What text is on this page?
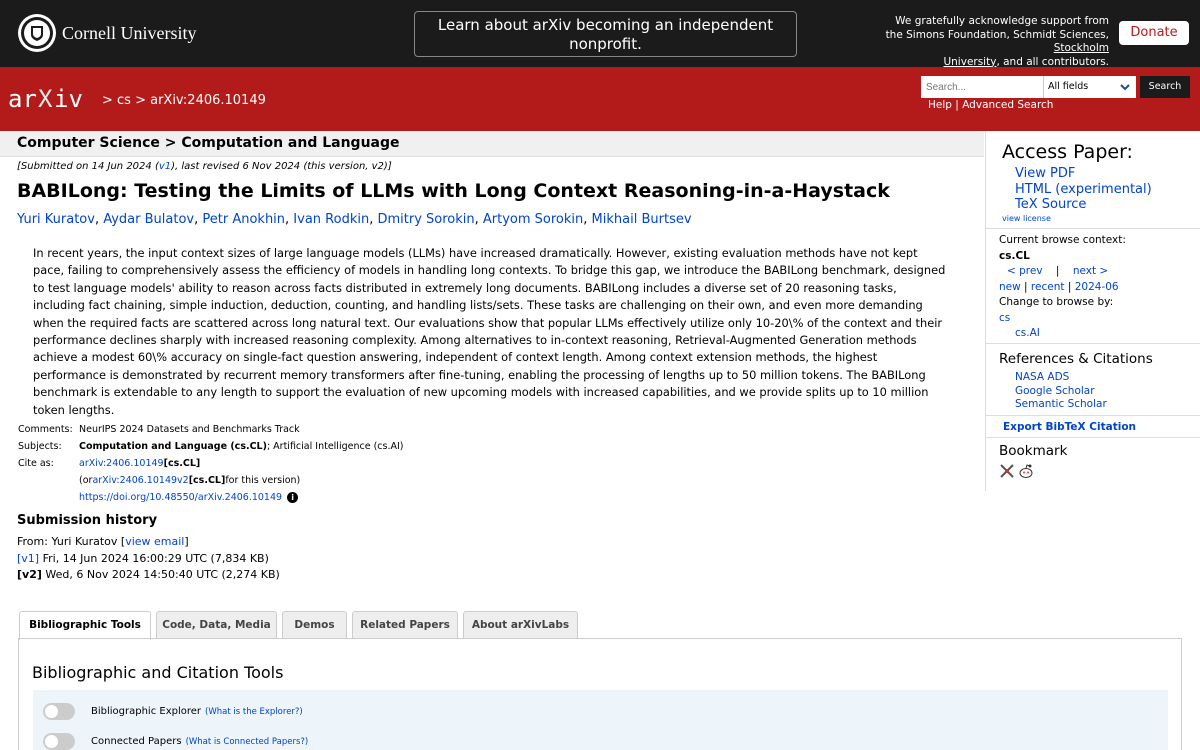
Cornell University	Learn about arXiv becoming an independent nonprofit.
We gratefully acknowledge support from
the Simons Foundation, Schmidt Sciences, Stockholm
University, and all contributors.
Donate
ar X iv > cs > arXiv:2406.10149
Search...
All fields	Search
Help | Advanced Search
Computer Science > Computation and Language
[Submitted on 14 Jun 2024 (v1), last revised 6 Nov 2024 (this version, v2)]
BABILong: Testing the Limits of LLMs with Long Context Reasoning-in-a-Haystack
Yuri Kuratov, Aydar Bulatov, Petr Anokhin, Ivan Rodkin, Dmitry Sorokin, Artyom Sorokin, Mikhail Burtsev
In recent years, the input context sizes of large language models (LLMs) have increased dramatically. However, existing evaluation methods have not kept pace, failing to comprehensively assess the efficiency of models in handling long contexts. To bridge this gap, we introduce the BABILong benchmark, designed to test language models' ability to reason across facts distributed in extremely long documents. BABILong includes a diverse set of 20 reasoning tasks, including fact chaining, simple induction, deduction, counting, and handling lists/sets. These tasks are challenging on their own, and even more demanding when the required facts are scattered across long natural text. Our evaluations show that popular LLMs effectively utilize only 10-20\% of the context and their performance declines sharply with increased reasoning complexity. Among alternatives to in-context reasoning, Retrieval-Augmented Generation methods achieve a modest 60\% accuracy on single-fact question answering, independent of context length. Among context extension methods, the highest performance is demonstrated by recurrent memory transformers after fine-tuning, enabling the processing of lengths up to 50 million tokens. The BABILong benchmark is extendable to any length to support the evaluation of new upcoming models with increased capabilities, and we provide splits up to 10 million token lengths.
Comments: NeurIPS 2024 Datasets and Benchmarks Track
Subjects:	Computation and Language (cs.CL) ; Artificial Intelligence (cs.AI)
Cite as:	arXiv:2406.10149 [cs.CL]
(or arXiv:2406.10149v2 [cs.CL] for this version)
https://doi.org/10.48550/arXiv.2406.10149	i
Submission history
From: Yuri Kuratov [view email]
[v1] Fri, 14 Jun 2024 16:00:29 UTC (7,834 KB)
[v2] Wed, 6 Nov 2024 14:50:40 UTC (2,274 KB)
Bibliographic Tools	Code, Data, Media	Demos	Related Papers	About arXivLabs
Bibliographic and Citation Tools
Bibliographic Explorer (What is the Explorer?)
Connected Papers (What is Connected Papers?)
Access Paper:
View PDF
HTML (experimental)
TeX Source
view license
Current browse context:
cs.CL
< prev | next >
new | recent | 2024-06
Change to browse by:
cs
cs.AI
References & Citations
NASA ADS
Google Scholar
Semantic Scholar
Export BibTeX Citation
Bookmark
